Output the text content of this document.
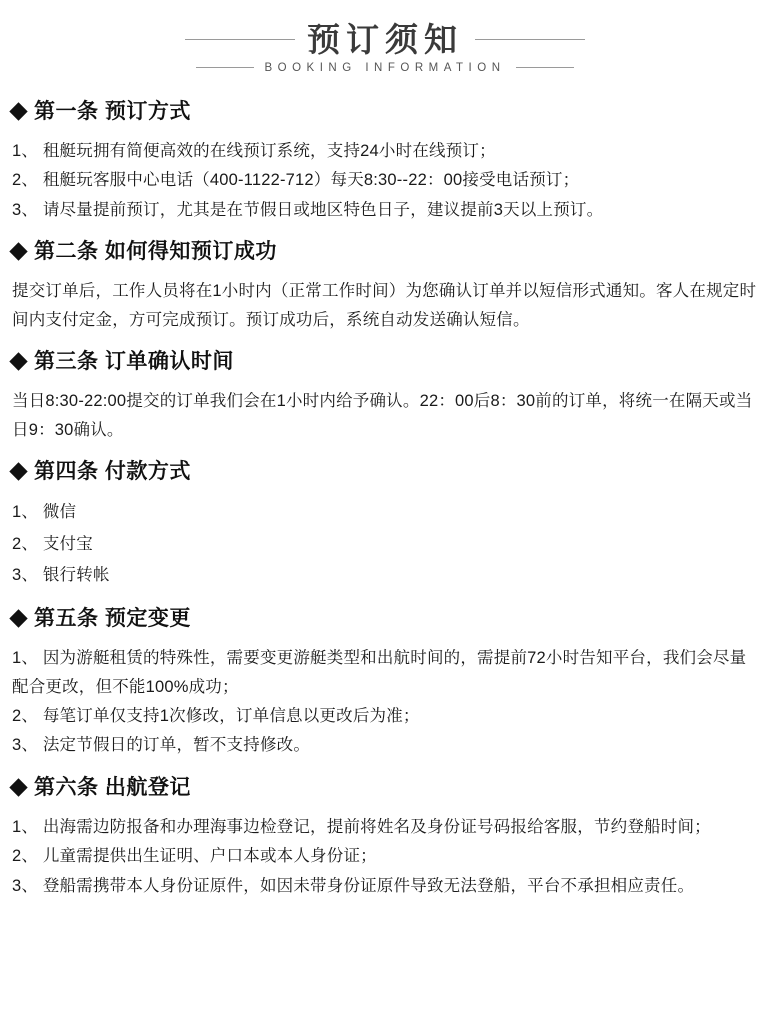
预订须知
BOOKING INFORMATION
第一条 预订方式
1、 租艇玩拥有简便高效的在线预订系统，支持24小时在线预订；
2、 租艇玩客服中心电话（400-1122-712）每天8:30--22：00接受电话预订；
3、 请尽量提前预订，尤其是在节假日或地区特色日子，建议提前3天以上预订。
第二条 如何得知预订成功

提交订单后，工作人员将在1小时内（正常工作时间）为您确认订单并以短信形式通知。客人在规定时间内支付定金，方可完成预订。预订成功后，系统自动发送确认短信。

第三条 订单确认时间

当日8:30-22:00提交的订单我们会在1小时内给予确认。22：00后8：30前的订单，将统一在隔天或当日9：30确认。

第四条 付款方式
1、 微信
2、 支付宝
3、 银行转帐
第五条 预定变更
1、 因为游艇租赁的特殊性，需要变更游艇类型和出航时间的，需提前72小时告知平台，我们会尽量配合更改，但不能100%成功；
2、 每笔订单仅支持1次修改，订单信息以更改后为准；
3、 法定节假日的订单，暂不支持修改。
第六条 出航登记
1、 出海需边防报备和办理海事边检登记，提前将姓名及身份证号码报给客服，节约登船时间；
2、 儿童需提供出生证明、户口本或本人身份证；
3、 登船需携带本人身份证原件，如因未带身份证原件导致无法登船，平台不承担相应责任。
